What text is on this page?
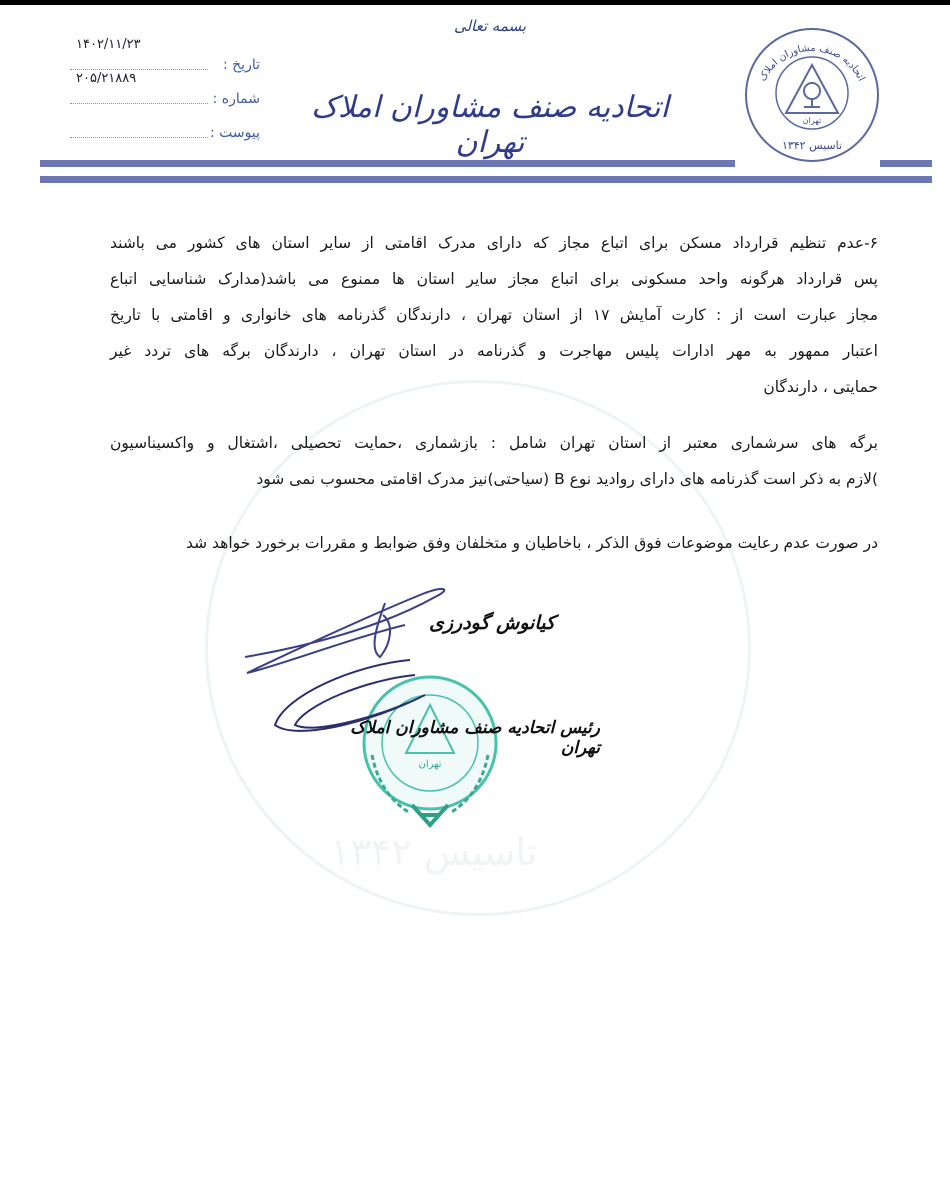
تاریخ :
۱۴۰۲/۱۱/۲۳
شماره :
۲۰۵/۲۱۸۸۹
پیوست :
بسمه تعالی
اتحادیه صنف مشاوران املاک تهران
تهران
تاسیس ۱۳۴۲
اتحادیه صنف مشاوران املاک
تاسیس ۱۳۴۲
۶-عدم تنظیم قرارداد مسکن برای اتباع مجاز که دارای مدرک اقامتی از سایر استان های کشور می باشند
پس قرارداد هرگونه واحد مسکونی برای اتباع مجاز سایر استان ها ممنوع می باشد(مدارک شناسایی اتباع
مجاز عبارت است از : کارت آمایش ۱۷ از استان تهران ، دارندگان گذرنامه های خانواری و اقامتی با تاریخ
اعتبار ممهور به مهر ادارات پلیس مهاجرت و گذرنامه در استان تهران ، دارندگان برگه های تردد غیر
حمایتی ، دارندگان
برگه های سرشماری معتبر از استان تهران شامل : بازشماری ،حمایت تحصیلی ،اشتغال و واکسیناسیون
)لازم به ذکر است گذرنامه های دارای روادید نوع B (سیاحتی)نیز مدرک اقامتی محسوب نمی شود
در صورت عدم رعایت موضوعات فوق الذکر ، باخاطیان و متخلفان وفق ضوابط و مقررات برخورد خواهد شد
تهران
کیانوش گودرزی
رئیس اتحادیه صنف مشاوران املاک تهران
